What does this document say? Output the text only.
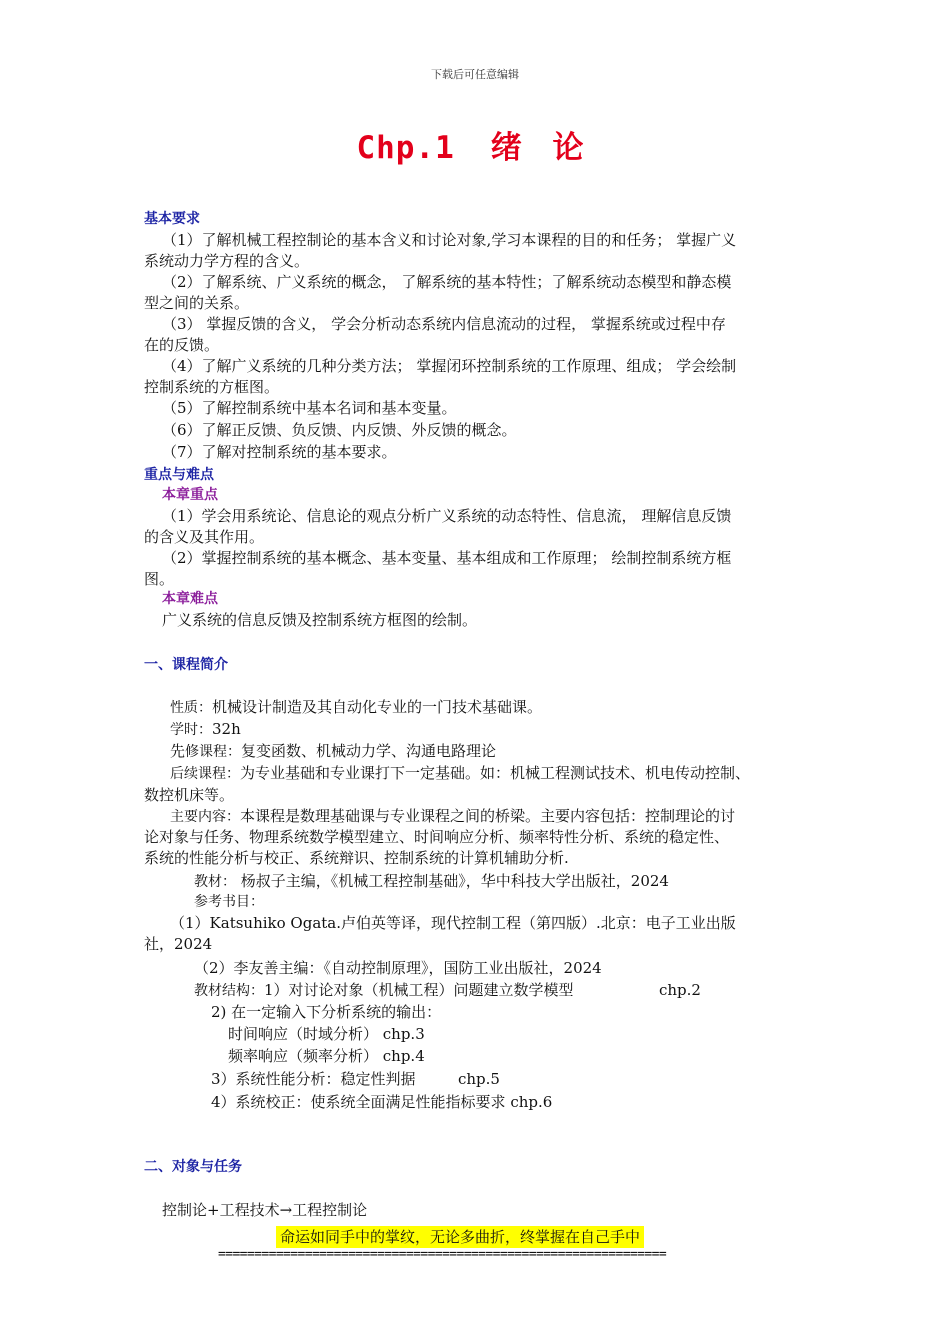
下载后可任意编辑
Chp.1 绪 论
基本要求
（1）了解机械工程控制论的基本含义和讨论对象,学习本课程的目的和任务； 掌握广义
系统动力学方程的含义。
（2）了解系统、广义系统的概念， 了解系统的基本特性；了解系统动态模型和静态模
型之间的关系。
（3） 掌握反馈的含义， 学会分析动态系统内信息流动的过程， 掌握系统或过程中存
在的反馈。
（4）了解广义系统的几种分类方法； 掌握闭环控制系统的工作原理、组成； 学会绘制
控制系统的方框图。
（5）了解控制系统中基本名词和基本变量。
（6）了解正反馈、负反馈、内反馈、外反馈的概念。
（7）了解对控制系统的基本要求。
重点与难点
本章重点
（1）学会用系统论、信息论的观点分析广义系统的动态特性、信息流， 理解信息反馈
的含义及其作用。
（2）掌握控制系统的基本概念、基本变量、基本组成和工作原理； 绘制控制系统方框
图。
本章难点
广义系统的信息反馈及控制系统方框图的绘制。
一、课程简介
性质：机械设计制造及其自动化专业的一门技术基础课。
学时：32h
先修课程：复变函数、机械动力学、沟通电路理论
后续课程：为专业基础和专业课打下一定基础。如：机械工程测试技术、机电传动控制、
数控机床等。
主要内容：本课程是数理基础课与专业课程之间的桥梁。主要内容包括：控制理论的讨
论对象与任务、物理系统数学模型建立、时间响应分析、频率特性分析、系统的稳定性、
系统的性能分析与校正、系统辩识、控制系统的计算机辅助分析.
教材： 杨叔子主编，《机械工程控制基础》，华中科技大学出版社，2024
参考书目：
（1）Katsuhiko Ogata.卢伯英等译，现代控制工程（第四版）.北京：电子工业出版
社，2024
（2）李友善主编：《自动控制原理》，国防工业出版社，2024
教材结构：1）对讨论对象（机械工程）问题建立数学模型	chp.2
2) 在一定输入下分析系统的输出：
时间响应（时域分析） chp.3
频率响应（频率分析） chp.4
3）系统性能分析：稳定性判据	chp.5
4）系统校正：使系统全面满足性能指标要求 chp.6
二、对象与任务
控制论+工程技术→工程控制论
命运如同手中的掌纹，无论多曲折，终掌握在自己手中
==============================================================
